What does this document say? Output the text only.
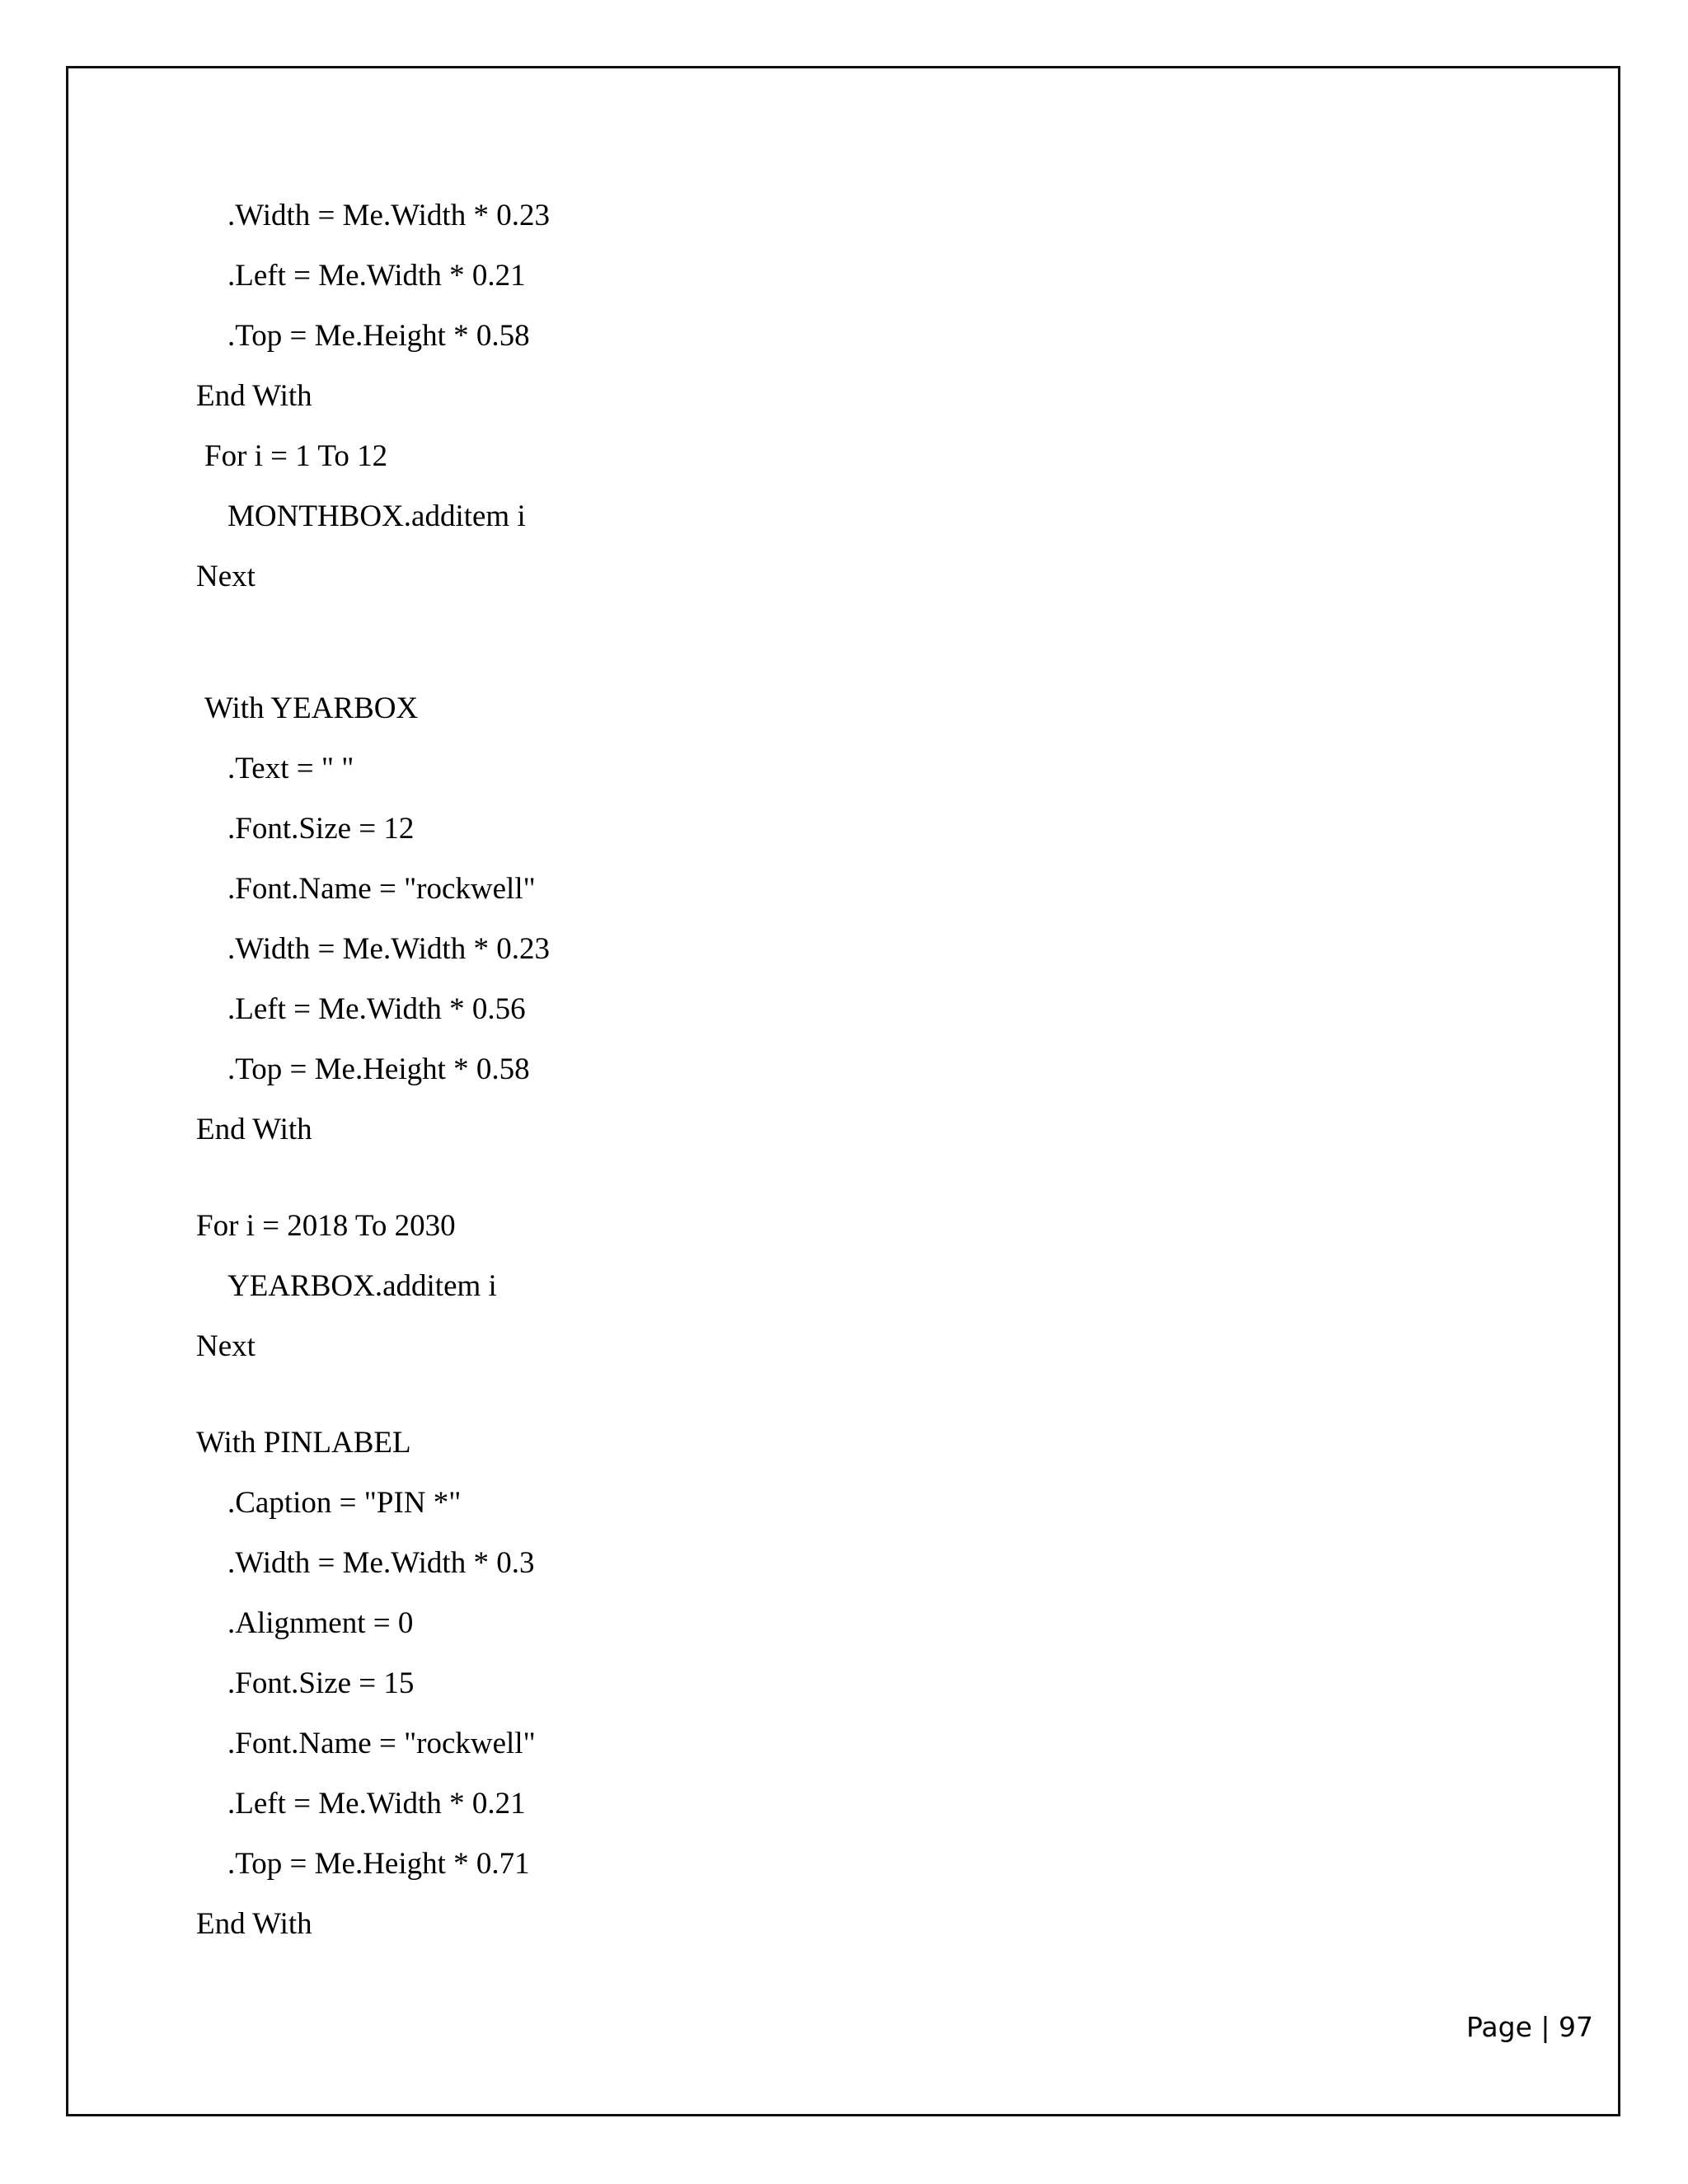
.Width = Me.Width * 0.23
.Left = Me.Width * 0.21
.Top = Me.Height * 0.58
End With
For i = 1 To 12
MONTHBOX.additem i
Next
With YEARBOX
.Text = " "
.Font.Size = 12
.Font.Name = "rockwell"
.Width = Me.Width * 0.23
.Left = Me.Width * 0.56
.Top = Me.Height * 0.58
End With
For i = 2018 To 2030
YEARBOX.additem i
Next
With PINLABEL
.Caption = "PIN *"
.Width = Me.Width * 0.3
.Alignment = 0
.Font.Size = 15
.Font.Name = "rockwell"
.Left = Me.Width * 0.21
.Top = Me.Height * 0.71
End With
Page | 97
